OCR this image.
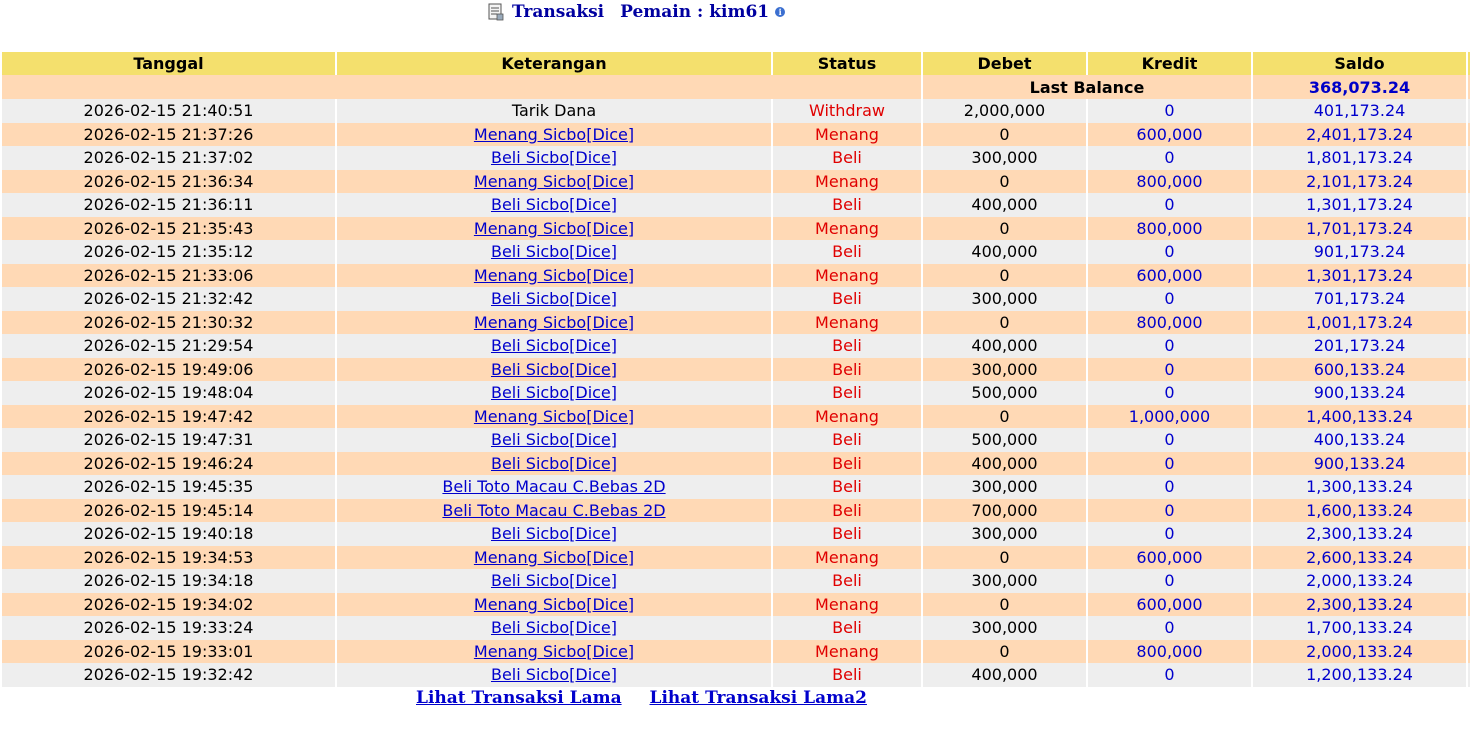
Transaksi Pemain : kim61	i
Tanggal	Keterangan	Status	Debet	Kredit	Saldo	
			Last Balance		368,073.24	
2026-02-15 21:40:51	Tarik Dana	Withdraw	2,000,000	0	401,173.24	
2026-02-15 21:37:26	Menang Sicbo[Dice]	Menang	0	600,000	2,401,173.24	
2026-02-15 21:37:02	Beli Sicbo[Dice]	Beli	300,000	0	1,801,173.24	
2026-02-15 21:36:34	Menang Sicbo[Dice]	Menang	0	800,000	2,101,173.24	
2026-02-15 21:36:11	Beli Sicbo[Dice]	Beli	400,000	0	1,301,173.24	
2026-02-15 21:35:43	Menang Sicbo[Dice]	Menang	0	800,000	1,701,173.24	
2026-02-15 21:35:12	Beli Sicbo[Dice]	Beli	400,000	0	901,173.24	
2026-02-15 21:33:06	Menang Sicbo[Dice]	Menang	0	600,000	1,301,173.24	
2026-02-15 21:32:42	Beli Sicbo[Dice]	Beli	300,000	0	701,173.24	
2026-02-15 21:30:32	Menang Sicbo[Dice]	Menang	0	800,000	1,001,173.24	
2026-02-15 21:29:54	Beli Sicbo[Dice]	Beli	400,000	0	201,173.24	
2026-02-15 19:49:06	Beli Sicbo[Dice]	Beli	300,000	0	600,133.24	
2026-02-15 19:48:04	Beli Sicbo[Dice]	Beli	500,000	0	900,133.24	
2026-02-15 19:47:42	Menang Sicbo[Dice]	Menang	0	1,000,000	1,400,133.24	
2026-02-15 19:47:31	Beli Sicbo[Dice]	Beli	500,000	0	400,133.24	
2026-02-15 19:46:24	Beli Sicbo[Dice]	Beli	400,000	0	900,133.24	
2026-02-15 19:45:35	Beli Toto Macau C.Bebas 2D	Beli	300,000	0	1,300,133.24	
2026-02-15 19:45:14	Beli Toto Macau C.Bebas 2D	Beli	700,000	0	1,600,133.24	
2026-02-15 19:40:18	Beli Sicbo[Dice]	Beli	300,000	0	2,300,133.24	
2026-02-15 19:34:53	Menang Sicbo[Dice]	Menang	0	600,000	2,600,133.24	
2026-02-15 19:34:18	Beli Sicbo[Dice]	Beli	300,000	0	2,000,133.24	
2026-02-15 19:34:02	Menang Sicbo[Dice]	Menang	0	600,000	2,300,133.24	
2026-02-15 19:33:24	Beli Sicbo[Dice]	Beli	300,000	0	1,700,133.24	
2026-02-15 19:33:01	Menang Sicbo[Dice]	Menang	0	800,000	2,000,133.24	
2026-02-15 19:32:42	Beli Sicbo[Dice]	Beli	400,000	0	1,200,133.24	
Lihat Transaksi Lama Lihat Transaksi Lama2
